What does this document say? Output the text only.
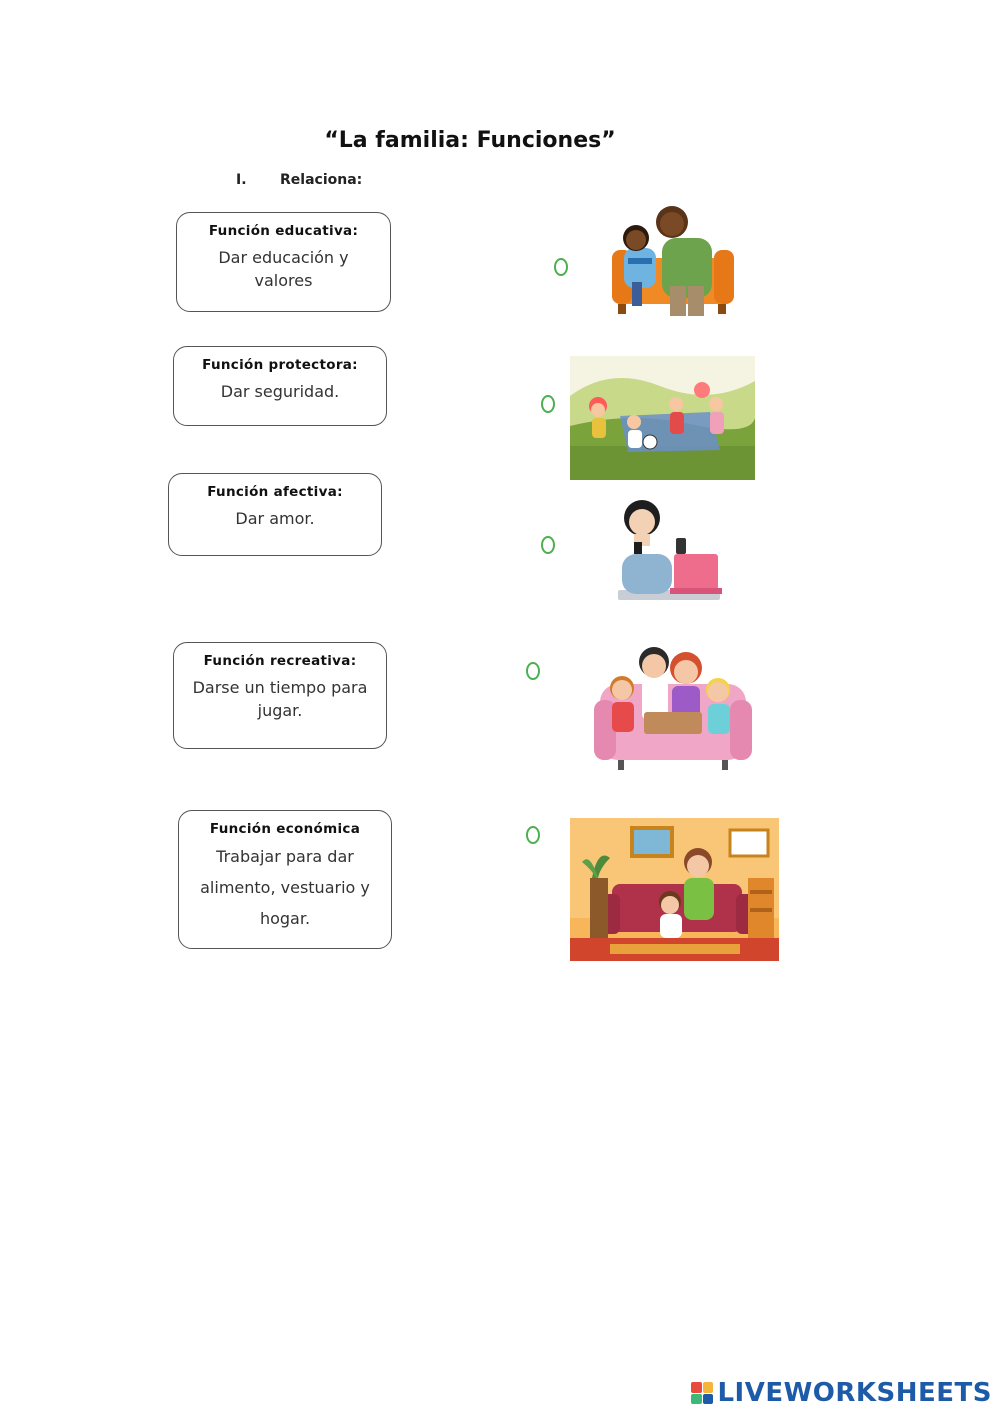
“La familia: Funciones”
I. Relaciona:
Función educativa:
Dar educación y valores
Función protectora:
Dar seguridad.
Función afectiva:
Dar amor.
Función recreativa:
Darse un tiempo para jugar.
Función económica
Trabajar para dar alimento, vestuario y hogar.
LIVEWORKSHEETS
